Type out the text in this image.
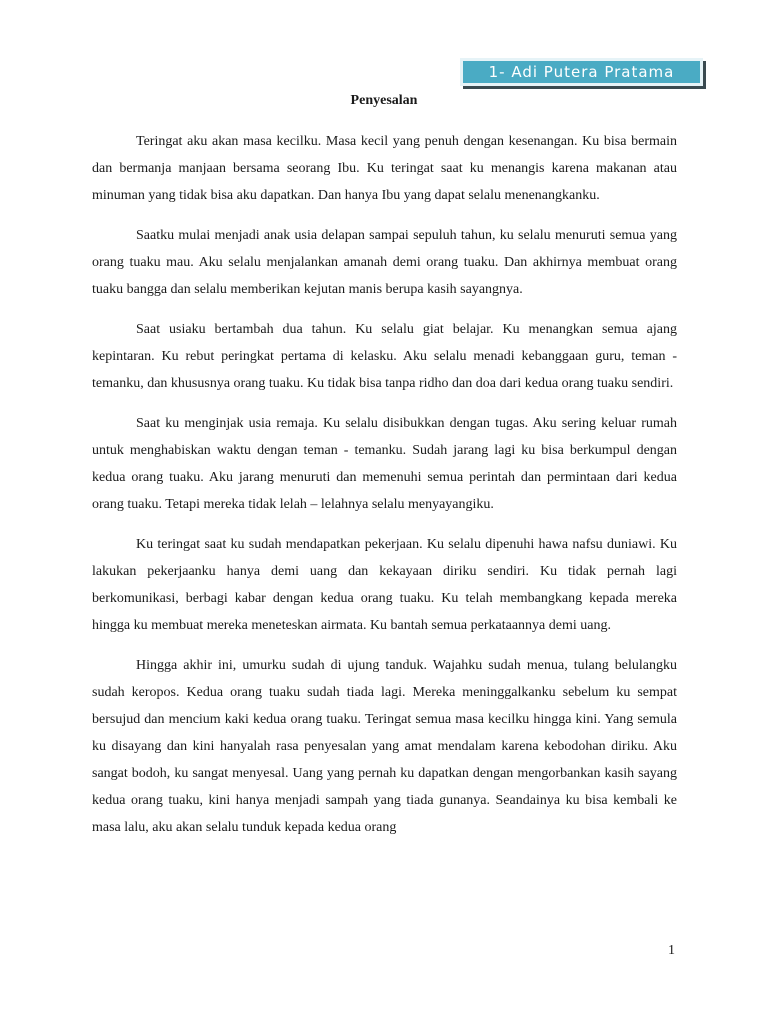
1- Adi Putera Pratama
Penyesalan

Teringat aku akan masa kecilku. Masa kecil yang penuh dengan kesenangan. Ku bisa bermain dan bermanja manjaan bersama seorang Ibu. Ku teringat saat ku menangis karena makanan atau minuman yang tidak bisa aku dapatkan. Dan hanya Ibu yang dapat selalu menenangkanku.

Saatku mulai menjadi anak usia delapan sampai sepuluh tahun, ku selalu menuruti semua yang orang tuaku mau. Aku selalu menjalankan amanah demi orang tuaku. Dan akhirnya membuat orang tuaku bangga dan selalu memberikan kejutan manis berupa kasih sayangnya.

Saat usiaku bertambah dua tahun. Ku selalu giat belajar. Ku menangkan semua ajang kepintaran. Ku rebut peringkat pertama di kelasku. Aku selalu menadi kebanggaan guru, teman - temanku, dan khususnya orang tuaku. Ku tidak bisa tanpa ridho dan doa dari kedua orang tuaku sendiri.

Saat ku menginjak usia remaja. Ku selalu disibukkan dengan tugas. Aku sering keluar rumah untuk menghabiskan waktu dengan teman - temanku. Sudah jarang lagi ku bisa berkumpul dengan kedua orang tuaku. Aku jarang menuruti dan memenuhi semua perintah dan permintaan dari kedua orang tuaku. Tetapi mereka tidak lelah – lelahnya selalu menyayangiku.

Ku teringat saat ku sudah mendapatkan pekerjaan. Ku selalu dipenuhi hawa nafsu duniawi. Ku lakukan pekerjaanku hanya demi uang dan kekayaan diriku sendiri. Ku tidak pernah lagi berkomunikasi, berbagi kabar dengan kedua orang tuaku. Ku telah membangkang kepada mereka hingga ku membuat mereka meneteskan airmata. Ku bantah semua perkataannya demi uang.

Hingga akhir ini, umurku sudah di ujung tanduk. Wajahku sudah menua, tulang belulangku sudah keropos. Kedua orang tuaku sudah tiada lagi. Mereka meninggalkanku sebelum ku sempat bersujud dan mencium kaki kedua orang tuaku. Teringat semua masa kecilku hingga kini. Yang semula ku disayang dan kini hanyalah rasa penyesalan yang amat mendalam karena kebodohan diriku. Aku sangat bodoh, ku sangat menyesal. Uang yang pernah ku dapatkan dengan mengorbankan kasih sayang kedua orang tuaku, kini hanya menjadi sampah yang tiada gunanya. Seandainya ku bisa kembali ke masa lalu, aku akan selalu tunduk kepada kedua orang

1
